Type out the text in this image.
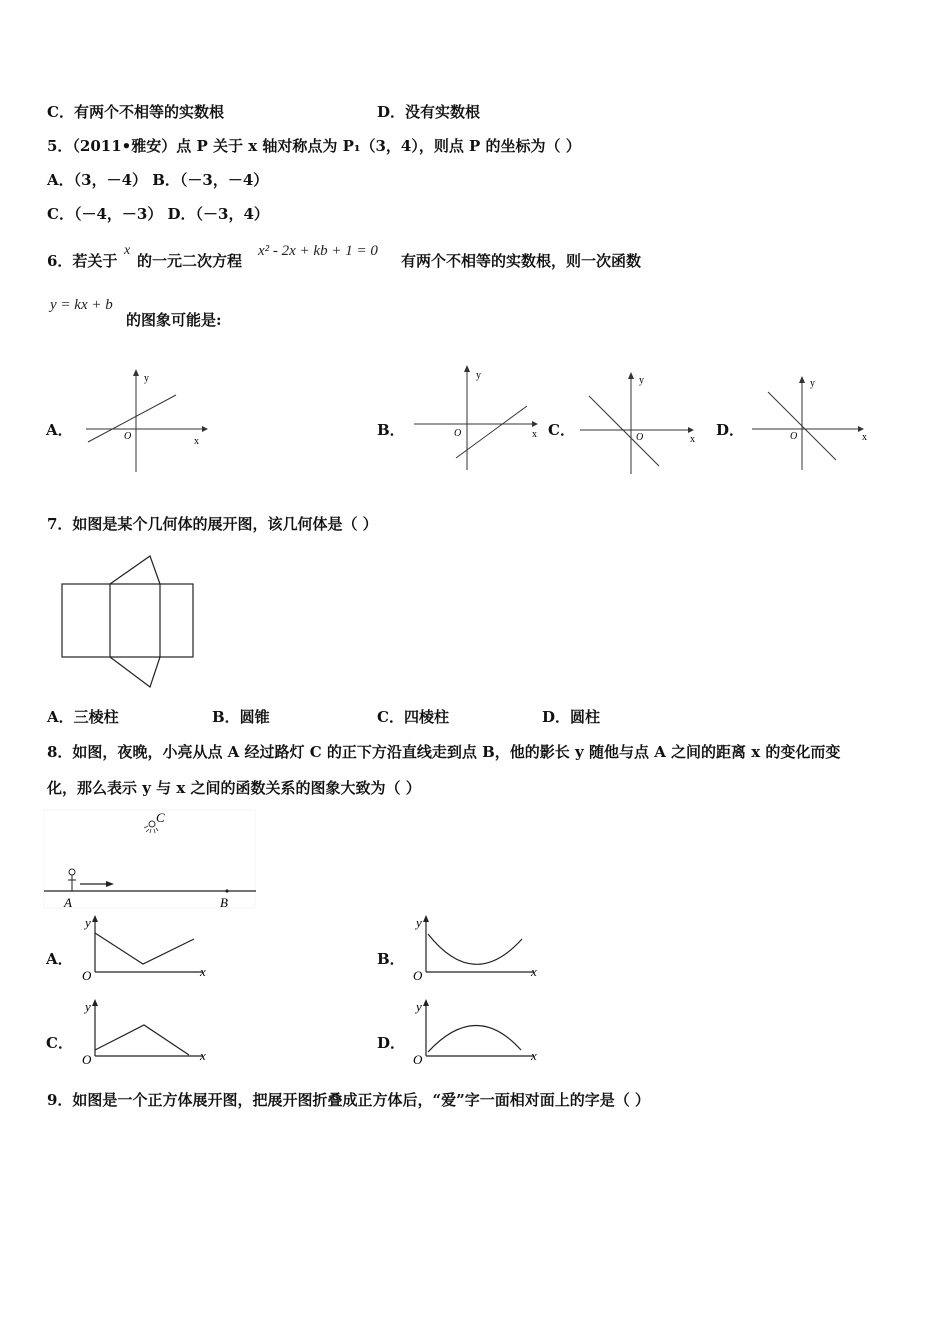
C．有两个不相等的实数根	D．没有实数根
5．（2011•雅安）点 P 关于 x 轴对称点为 P₁（3，4），则点 P 的坐标为（ ）
A．（3，－4） B．（－3，－4）
C．（－4，－3） D．（－3，4）
6．若关于
x
的一元二次方程
x² - 2x + kb + 1 = 0
有两个不相等的实数根，则一次函数
y = kx + b
的图象可能是:
A．	B．	C．	D．
y
x
O
y
x
O
y
x
O
y
x
O
7．如图是某个几何体的展开图，该几何体是（ ）
A．三棱柱	B．圆锥	C．四棱柱	D．圆柱
8．如图，夜晚，小亮从点 A 经过路灯 C 的正下方沿直线走到点 B，他的影长 y 随他与点 A 之间的距离 x 的变化而变
化，那么表示 y 与 x 之间的函数关系的图象大致为（ ）
C
A	B
A．	B．
C．	D．
y
x
O
y
x
O
y
x
O
y
x
O
9．如图是一个正方体展开图，把展开图折叠成正方体后，“爱”字一面相对面上的字是（ ）
